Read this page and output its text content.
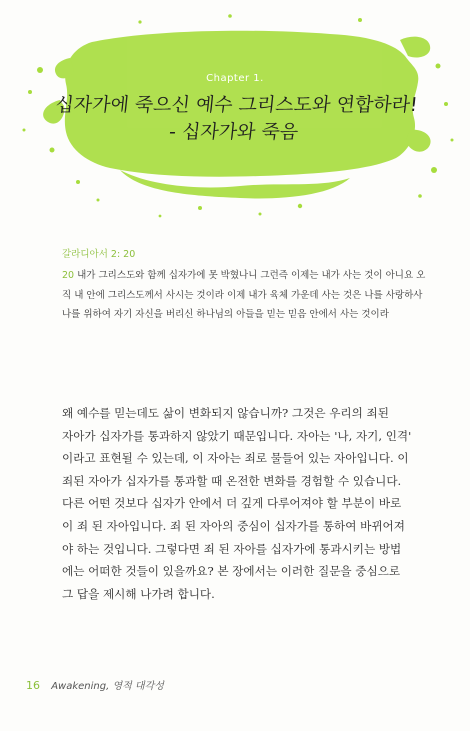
Chapter 1.
십자가에 죽으신 예수 그리스도와 연합하라!
- 십자가와 죽음
갈라디아서 2: 20
20 내가 그리스도와 함께 십자가에 못 박혔나니 그런즉 이제는 내가 사는 것이 아니요 오직 내 안에 그리스도께서 사시는 것이라 이제 내가 육체 가운데 사는 것은 나를 사랑하사 나를 위하여 자기 자신을 버리신 하나님의 아들을 믿는 믿음 안에서 사는 것이라
왜 예수를 믿는데도 삶이 변화되지 않습니까? 그것은 우리의 죄된
자아가 십자가를 통과하지 않았기 때문입니다. 자아는 '나, 자기, 인격'
이라고 표현될 수 있는데, 이 자아는 죄로 물들어 있는 자아입니다. 이
죄된 자아가 십자가를 통과할 때 온전한 변화를 경험할 수 있습니다.
다른 어떤 것보다 십자가 안에서 더 깊게 다루어져야 할 부분이 바로
이 죄 된 자아입니다. 죄 된 자아의 중심이 십자가를 통하여 바뀌어져
야 하는 것입니다. 그렇다면 죄 된 자아를 십자가에 통과시키는 방법
에는 어떠한 것들이 있을까요? 본 장에서는 이러한 질문을 중심으로
그 답을 제시해 나가려 합니다.
16 Awakening, 영적 대각성
